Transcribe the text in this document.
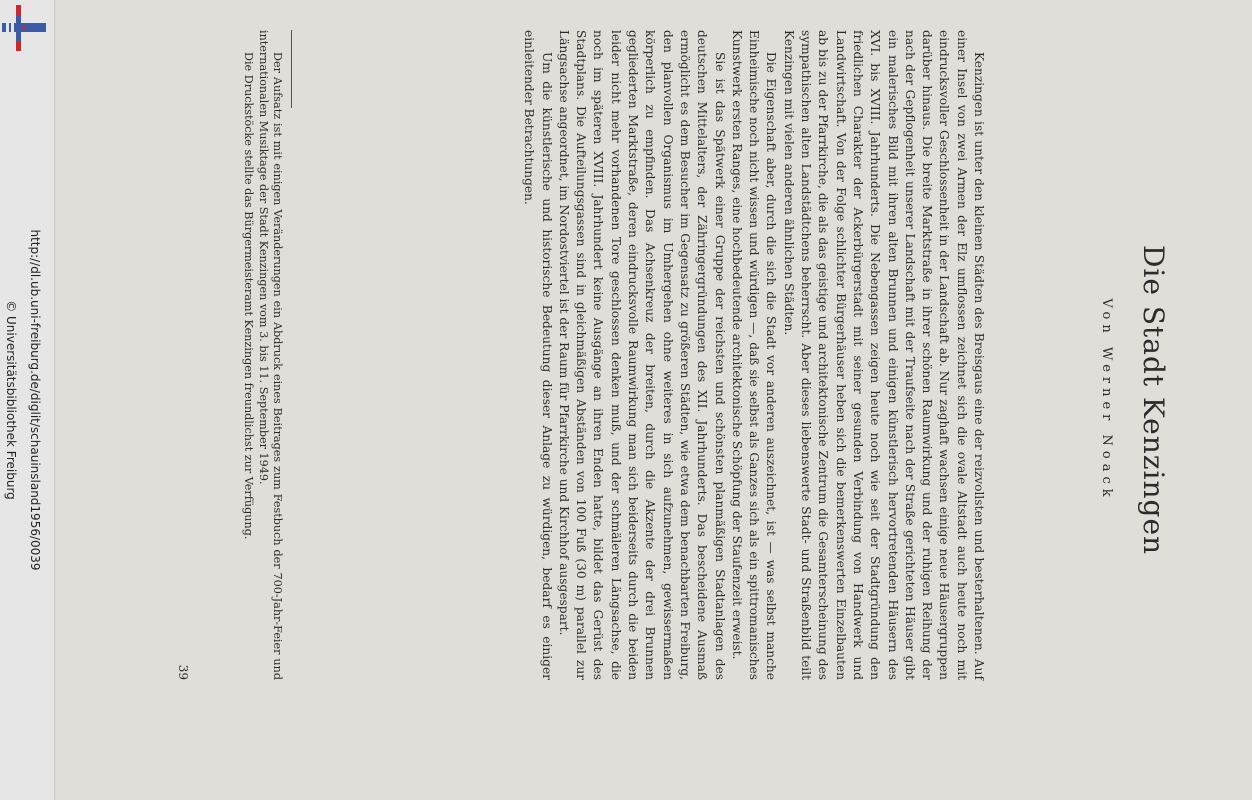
© Universitätsbibliothek Freiburg http://dl.ub.uni-freiburg.de/diglit/schauinsland1956/0039	Die Stadt Kenzingen
Von Werner Noack

Kenzingen ist unter den kleinen Städten des Breisgaus eine der reizvollsten und besterhaltenen. Auf einer Insel von zwei Armen der Elz umflossen zeichnet sich die ovale Altstadt auch heute noch mit eindrucksvoller Geschlossenheit in der Landschaft ab. Nur zaghaft wachsen einige neue Häusergruppen darüber hinaus. Die breite Marktstraße in ihrer schönen Raumwirkung und der ruhigen Reihung der nach der Gepflogenheit unserer Landschaft mit der Traufseite nach der Straße gerichteten Häuser gibt ein malerisches Bild mit ihren alten Brunnen und einigen künstlerisch hervortretenden Häusern des XVI. bis XVIII. Jahrhunderts. Die Nebengassen zeigen heute noch wie seit der Stadtgründung den friedlichen Charakter der Ackerbürgerstadt mit seiner gesunden Verbindung von Handwerk und Landwirtschaft. Von der Folge schlichter Bürgerhäuser heben sich die bemerkenswerten Einzelbauten ab bis zu der Pfarrkirche, die als das geistige und architektonische Zentrum die Gesamterscheinung des sympathischen alten Landstädtchens beherrscht. Aber dieses liebenswerte Stadt- und Straßenbild teilt Kenzingen mit vielen anderen ähnlichen Städten.

Die Eigenschaft aber, durch die sich die Stadt vor anderen auszeichnet, ist — was selbst manche Einheimische noch nicht wissen und würdigen —, daß sie selbst als Ganzes sich als ein spittromanisches Kunstwerk ersten Ranges, eine hochbedeutende architektonische Schöpfung der Staufenzeit erweist.

Sie ist das Spätwerk einer Gruppe der reichsten und schönsten planmäßigen Stadtanlagen des deutschen Mittelalters, der Zähringergründungen des XII. Jahrhunderts. Das bescheidene Ausmaß ermöglicht es dem Besucher im Gegensatz zu größeren Städten, wie etwa dem benachbarten Freiburg, den planvollen Organismus im Umhergehen ohne weiteres in sich aufzunehmen, gewissermaßen körperlich zu empfinden. Das Achsenkreuz der breiten, durch die Akzente der drei Brunnen gegliederten Marktstraße, deren eindrucksvolle Raumwirkung man sich beiderseits durch die beiden leider nicht mehr vorhandenen Tore geschlossen denken muß, und der schmäleren Längsachse, die noch im späteren XVIII. Jahrhundert keine Ausgänge an ihren Enden hatte, bildet das Gerüst des Stadtplans. Die Aufteilungsgassen sind in gleichmäßigen Abständen von 100 Fuß (30 m) parallel zur Längsachse angeordnet, im Nordostviertel ist der Raum für Pfarrkirche und Kirchhof ausgespart.

Um die künstlerische und historische Bedeutung dieser Anlage zu würdigen, bedarf es einiger einleitender Betrachtungen.

Der Aufsatz ist mit einigen Veränderungen ein Abdruck eines Beitrages zum Festbuch der 700-Jahr-Feier und internationalen Musiktage der Stadt Kenzingen vom 3. bis 11. September 1949.

Die Druckstöcke stellte das Bürgermeisteramt Kenzingen freundlichst zur Verfügung.

39
